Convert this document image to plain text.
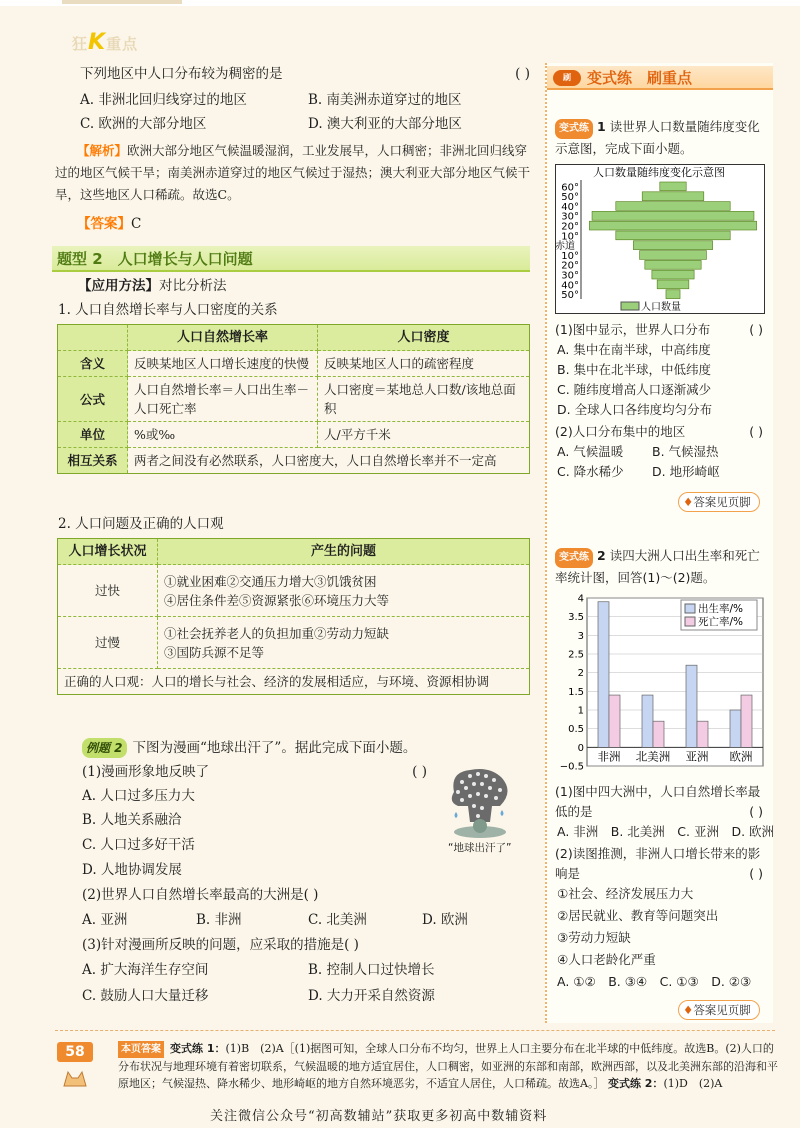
狂K重点
下列地区中人口分布较为稠密的是	( )
A. 非洲北回归线穿过的地区	B. 南美洲赤道穿过的地区
C. 欧洲的大部分地区	D. 澳大利亚的大部分地区
【解析】欧洲大部分地区气候温暖湿润，工业发展早，人口稠密；非洲北回归线穿过的地区气候干旱；南美洲赤道穿过的地区气候过于湿热；澳大利亚大部分地区气候干旱，这些地区人口稀疏。故选C。
【答案】C
题型 2　人口增长与人口问题
【应用方法】对比分析法
1. 人口自然增长率与人口密度的关系
	人口自然增长率	人口密度
含义	反映某地区人口增长速度的快慢	反映某地区人口的疏密程度
公式	人口自然增长率＝人口出生率－人口死亡率	人口密度＝某地总人口数/该地总面积
单位	%或‰	人/平方千米
相互关系	两者之间没有必然联系，人口密度大，人口自然增长率并不一定高	
2. 人口问题及正确的人口观
人口增长状况	产生的问题
过快	①就业困难②交通压力增大③饥饿贫困
④居住条件差⑤资源紧张⑥环境压力大等

过慢	①社会抚养老人的负担加重②劳动力短缺
③国防兵源不足等

正确的人口观：人口的增长与社会、经济的发展相适应，与环境、资源相协调	
例题 2 下图为漫画“地球出汗了”。据此完成下面小题。
(1)漫画形象地反映了	( )
A. 人口过多压力大
B. 人地关系融洽
C. 人口过多好干活
D. 人地协调发展
(2)世界人口自然增长率最高的大洲是( )
A. 亚洲	B. 非洲	C. 北美洲	D. 欧洲
(3)针对漫画所反映的问题，应采取的措施是( )
A. 扩大海洋生存空间	B. 控制人口过快增长
C. 鼓励人口大量迁移	D. 大力开采自然资源
“地球出汗了”
刷	变式练　刷重点
变式练 1 读世界人口数量随纬度变化示意图，完成下面小题。
人口数量随纬度变化示意图
60°
50°
40°
30°
20°
10°
赤道
10°
20°
30°
40°
50°
人口数量
(1)图中显示，世界人口分布	( )
A. 集中在南半球，中高纬度
B. 集中在北半球，中低纬度
C. 随纬度增高人口逐渐减少
D. 全球人口各纬度均匀分布
(2)人口分布集中的地区	( )
A. 气候温暖 B. 气候湿热
C. 降水稀少 D. 地形崎岖
♦答案见页脚
变式练 2 读四大洲人口出生率和死亡率统计图，回答(1)～(2)题。
非洲 北美洲 亚洲 欧洲
4
3.5
3
2.5
2
1.5
1
0.5
0
−0.5
出生率/%
死亡率/%
(1)图中四大洲中，人口自然增长率最低的是	( )
A. 非洲　B. 北美洲　C. 亚洲　D. 欧洲
(2)读图推测，非洲人口增长带来的影响是	( )
①社会、经济发展压力大
②居民就业、教育等问题突出
③劳动力短缺
④人口老龄化严重
A. ①②　B. ③④　C. ①③　D. ②③
♦答案见页脚
58	本页答案 变式练 1：(1)B　(2)A［(1)据图可知，全球人口分布不均匀，世界上人口主要分布在北半球的中低纬度。故选B。(2)人口的分布状况与地理环境有着密切联系，气候温暖的地方适宜居住，人口稠密，如亚洲的东部和南部，欧洲西部，以及北美洲东部的沿海和平原地区；气候湿热、降水稀少、地形崎岖的地方自然环境恶劣，不适宜人居住，人口稀疏。故选A。］ 变式练 2：(1)D　(2)A
关注微信公众号“初高数辅站”获取更多初高中数辅资料
